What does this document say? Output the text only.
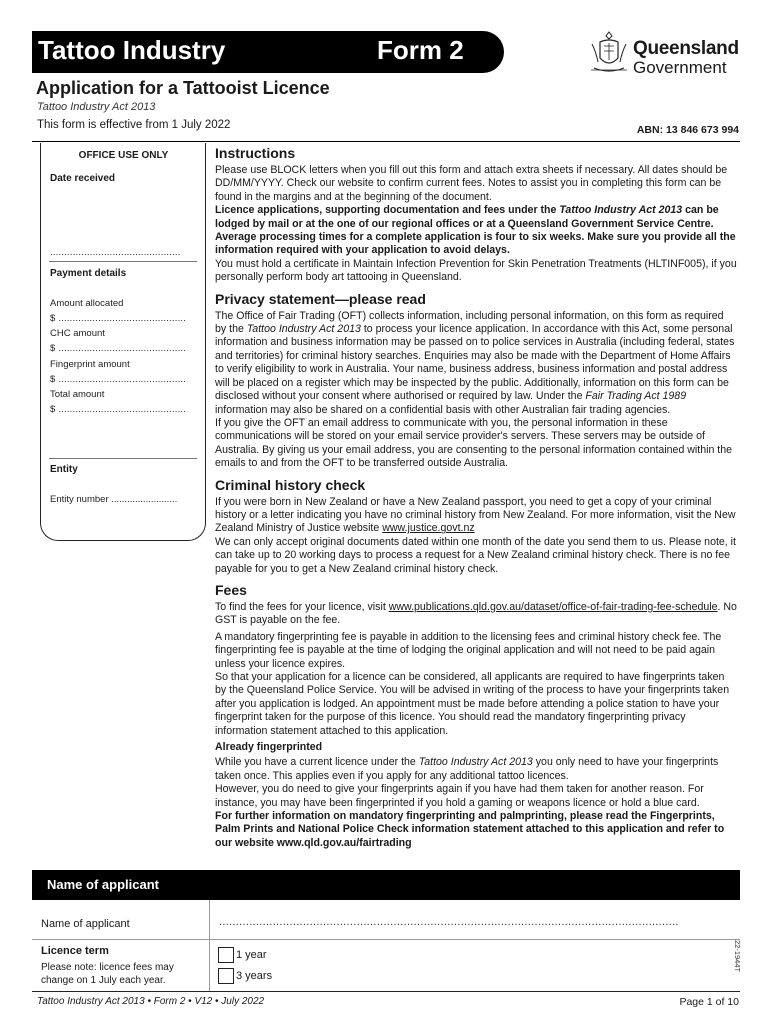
Tattoo Industry	Form 2	Queensland
Government
Application for a Tattooist Licence
Tattoo Industry Act 2013
This form is effective from 1 July 2022	ABN: 13 846 673 994
OFFICE USE ONLY
Date received
..............................................
Payment details
Amount allocated
$ .............................................
CHC amount
$ .............................................
Fingerprint amount
$ .............................................
Total amount
$ .............................................
Entity
Entity number .........................
Instructions
Please use BLOCK letters when you fill out this form and attach extra sheets if necessary. All dates should be DD/MM/YYYY. Check our website to confirm current fees. Notes to assist you in completing this form can be found in the margins and at the beginning of the document.
Licence applications, supporting documentation and fees under the Tattoo Industry Act 2013 can be lodged by mail or at the one of our regional offices or at a Queensland Government Service Centre. Average processing times for a complete application is four to six weeks. Make sure you provide all the information required with your application to avoid delays.
You must hold a certificate in Maintain Infection Prevention for Skin Penetration Treatments (HLTINF005), if you personally perform body art tattooing in Queensland.
Privacy statement—please read
The Office of Fair Trading (OFT) collects information, including personal information, on this form as required by the Tattoo Industry Act 2013 to process your licence application. In accordance with this Act, some personal information and business information may be passed on to police services in Australia (including federal, states and territories) for criminal history searches. Enquiries may also be made with the Department of Home Affairs to verify eligibility to work in Australia. Your name, business address, business information and postal address will be placed on a register which may be inspected by the public. Additionally, information on this form can be disclosed without your consent where authorised or required by law. Under the Fair Trading Act 1989 information may also be shared on a confidential basis with other Australian fair trading agencies.
If you give the OFT an email address to communicate with you, the personal information in these communications will be stored on your email service provider's servers. These servers may be outside of Australia. By giving us your email address, you are consenting to the personal information contained within the emails to and from the OFT to be transferred outside Australia.
Criminal history check
If you were born in New Zealand or have a New Zealand passport, you need to get a copy of your criminal history or a letter indicating you have no criminal history from New Zealand. For more information, visit the New Zealand Ministry of Justice website www.justice.govt.nz
We can only accept original documents dated within one month of the date you send them to us. Please note, it can take up to 20 working days to process a request for a New Zealand criminal history check. There is no fee payable for you to get a New Zealand criminal history check.
Fees
To find the fees for your licence, visit www.publications.qld.gov.au/dataset/office-of-fair-trading-fee-schedule. No GST is payable on the fee.
A mandatory fingerprinting fee is payable in addition to the licensing fees and criminal history check fee. The fingerprinting fee is payable at the time of lodging the original application and will not need to be paid again unless your licence expires.
So that your application for a licence can be considered, all applicants are required to have fingerprints taken by the Queensland Police Service. You will be advised in writing of the process to have your fingerprints taken after you application is lodged. An appointment must be made before attending a police station to have your fingerprint taken for the purpose of this licence. You should read the mandatory fingerprinting privacy information statement attached to this application.
Already fingerprinted
While you have a current licence under the Tattoo Industry Act 2013 you only need to have your fingerprints taken once. This applies even if you apply for any additional tattoo licences.
However, you do need to give your fingerprints again if you have had them taken for another reason. For instance, you may have been fingerprinted if you hold a gaming or weapons licence or hold a blue card.
For further information on mandatory fingerprinting and palmprinting, please read the Fingerprints, Palm Prints and National Police Check information statement attached to this application and refer to our website www.qld.gov.au/fairtrading
Name of applicant
Name of applicant	.........................................................................................................................................
Licence term
Please note: licence fees may
change on 1 July each year.
1 year
3 years
22-1944T
Tattoo Industry Act 2013 • Form 2 • V12 • July 2022	Page 1 of 10
